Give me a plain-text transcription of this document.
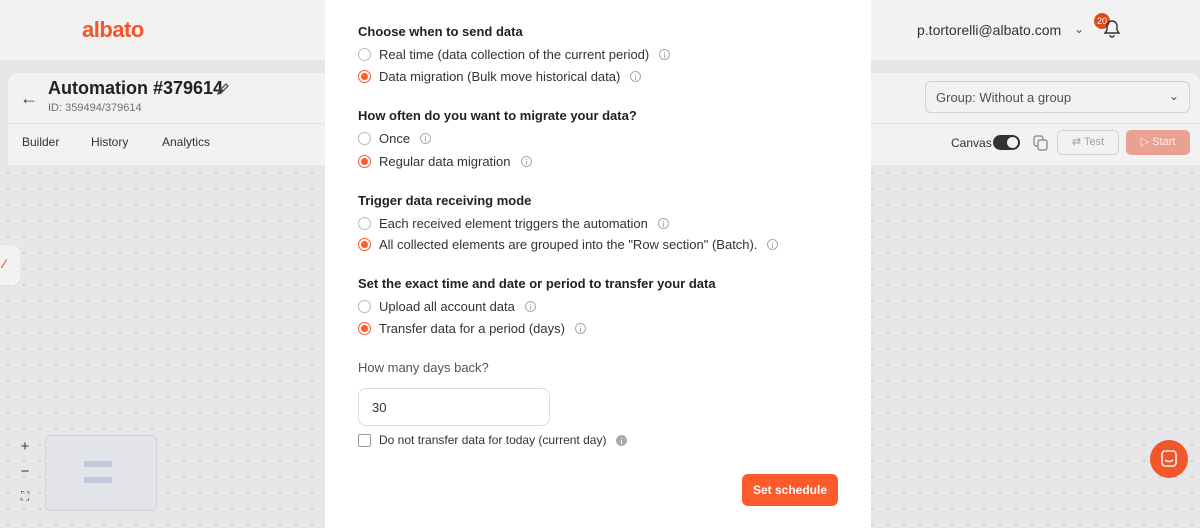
albato	p.tortorelli@albato.com ⌄
20
← Automation #379614
ID: 359494/379614
Group: Without a group	⌄
Builder	History	Analytics	Canvas	⇄ Test	▷ Start
⁄
+
−
⛶
Choose when to send data
Real time (data collection of the current period)
Data migration (Bulk move historical data)
How often do you want to migrate your data?
Once
Regular data migration
Trigger data receiving mode
Each received element triggers the automation
All collected elements are grouped into the "Row section" (Batch).
Set the exact time and date or period to transfer your data
Upload all account data
Transfer data for a period (days)
How many days back?
30
Do not transfer data for today (current day)
Set schedule
